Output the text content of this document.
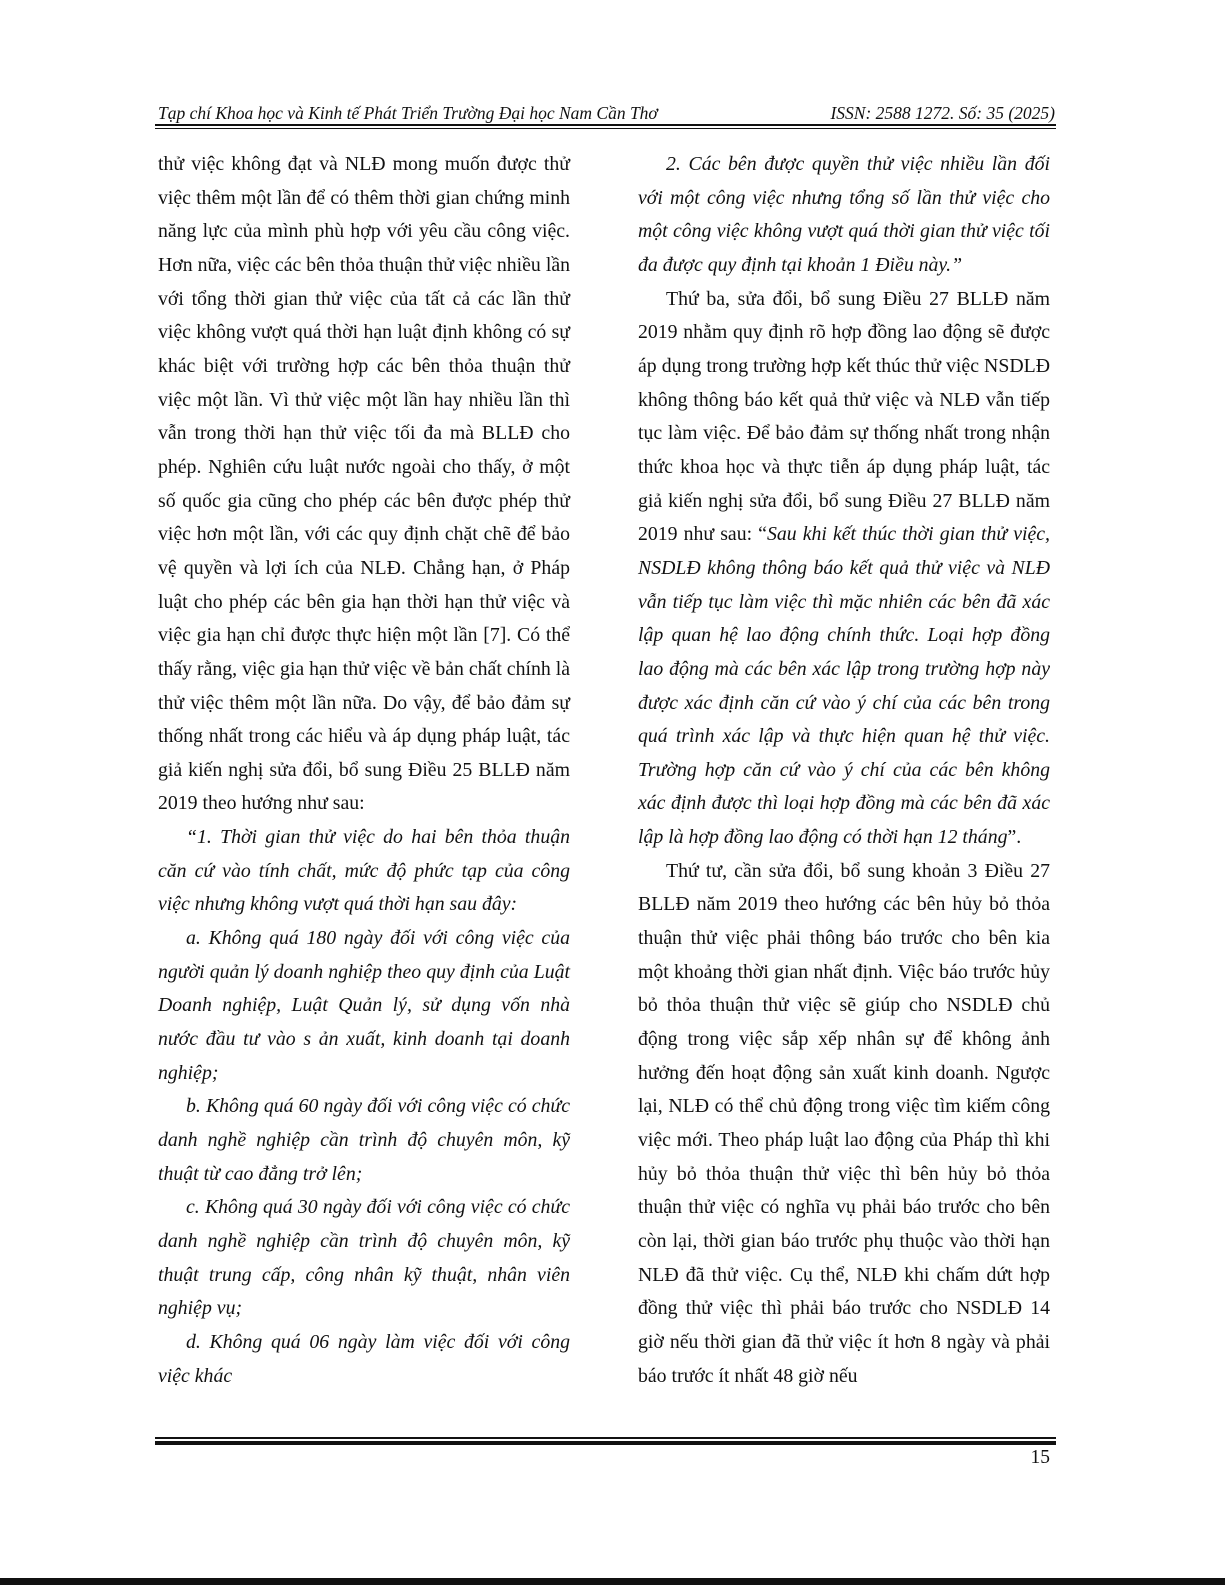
Tạp chí Khoa học và Kinh tế Phát Triển Trường Đại học Nam Cần Thơ	ISSN: 2588 1272. Số: 35 (2025)

thử việc không đạt và NLĐ mong muốn được thử việc thêm một lần để có thêm thời gian chứng minh năng lực của mình phù hợp với yêu cầu công việc. Hơn nữa, việc các bên thỏa thuận thử việc nhiều lần với tổng thời gian thử việc của tất cả các lần thử việc không vượt quá thời hạn luật định không có sự khác biệt với trường hợp các bên thỏa thuận thử việc một lần. Vì thử việc một lần hay nhiều lần thì vẫn trong thời hạn thử việc tối đa mà BLLĐ cho phép. Nghiên cứu luật nước ngoài cho thấy, ở một số quốc gia cũng cho phép các bên được phép thử việc hơn một lần, với các quy định chặt chẽ để bảo vệ quyền và lợi ích của NLĐ. Chẳng hạn, ở Pháp luật cho phép các bên gia hạn thời hạn thử việc và việc gia hạn chỉ được thực hiện một lần [7]. Có thể thấy rằng, việc gia hạn thử việc về bản chất chính là thử việc thêm một lần nữa. Do vậy, để bảo đảm sự thống nhất trong các hiểu và áp dụng pháp luật, tác giả kiến nghị sửa đổi, bổ sung Điều 25 BLLĐ năm 2019 theo hướng như sau:

“1. Thời gian thử việc do hai bên thỏa thuận căn cứ vào tính chất, mức độ phức tạp của công việc nhưng không vượt quá thời hạn sau đây:

a. Không quá 180 ngày đối với công việc của người quản lý doanh nghiệp theo quy định của Luật Doanh nghiệp, Luật Quản lý, sử dụng vốn nhà nước đầu tư vào s ản xuất, kinh doanh tại doanh nghiệp;

b. Không quá 60 ngày đối với công việc có chức danh nghề nghiệp cần trình độ chuyên môn, kỹ thuật từ cao đẳng trở lên;

c. Không quá 30 ngày đối với công việc có chức danh nghề nghiệp cần trình độ chuyên môn, kỹ thuật trung cấp, công nhân kỹ thuật, nhân viên nghiệp vụ;

d. Không quá 06 ngày làm việc đối với công việc khác

2. Các bên được quyền thử việc nhiều lần đối với một công việc nhưng tổng số lần thử việc cho một công việc không vượt quá thời gian thử việc tối đa được quy định tại khoản 1 Điều này.”

Thứ ba, sửa đổi, bổ sung Điều 27 BLLĐ năm 2019 nhằm quy định rõ hợp đồng lao động sẽ được áp dụng trong trường hợp kết thúc thử việc NSDLĐ không thông báo kết quả thử việc và NLĐ vẫn tiếp tục làm việc. Để bảo đảm sự thống nhất trong nhận thức khoa học và thực tiễn áp dụng pháp luật, tác giả kiến nghị sửa đổi, bổ sung Điều 27 BLLĐ năm 2019 như sau: “Sau khi kết thúc thời gian thử việc, NSDLĐ không thông báo kết quả thử việc và NLĐ vẫn tiếp tục làm việc thì mặc nhiên các bên đã xác lập quan hệ lao động chính thức. Loại hợp đồng lao động mà các bên xác lập trong trường hợp này được xác định căn cứ vào ý chí của các bên trong quá trình xác lập và thực hiện quan hệ thử việc. Trường hợp căn cứ vào ý chí của các bên không xác định được thì loại hợp đồng mà các bên đã xác lập là hợp đồng lao động có thời hạn 12 tháng”.

Thứ tư, cần sửa đổi, bổ sung khoản 3 Điều 27 BLLĐ năm 2019 theo hướng các bên hủy bỏ thỏa thuận thử việc phải thông báo trước cho bên kia một khoảng thời gian nhất định. Việc báo trước hủy bỏ thỏa thuận thử việc sẽ giúp cho NSDLĐ chủ động trong việc sắp xếp nhân sự để không ảnh hưởng đến hoạt động sản xuất kinh doanh. Ngược lại, NLĐ có thể chủ động trong việc tìm kiếm công việc mới. Theo pháp luật lao động của Pháp thì khi hủy bỏ thỏa thuận thử việc thì bên hủy bỏ thỏa thuận thử việc có nghĩa vụ phải báo trước cho bên còn lại, thời gian báo trước phụ thuộc vào thời hạn NLĐ đã thử việc. Cụ thể, NLĐ khi chấm dứt hợp đồng thử việc thì phải báo trước cho NSDLĐ 14 giờ nếu thời gian đã thử việc ít hơn 8 ngày và phải báo trước ít nhất 48 giờ nếu

15
